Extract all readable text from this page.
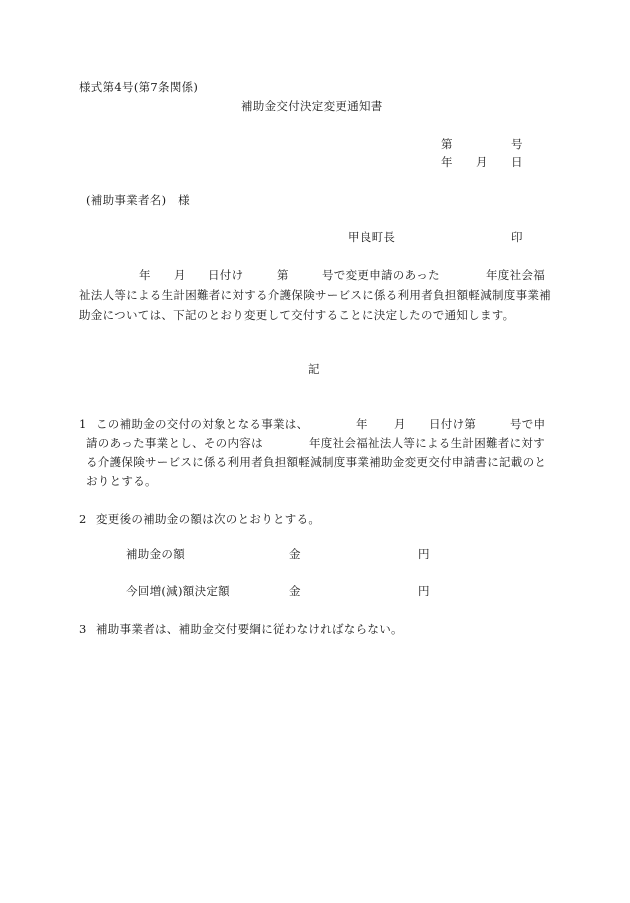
様式第4号(第7条関係)
補助金交付決定変更通知書
第	号
年 月 日
(補助事業者名)　様
甲良町長	印
年 月 日付け	第	号で変更申請のあった	年度社会福
祉法人等による生計困難者に対する介護保険サービスに係る利用者負担額軽減制度事業補
助金については、下記のとおり変更して交付することに決定したので通知します。
記
1 この補助金の交付の対象となる事業は、	年 月 日付け第	号で申
請のあった事業とし、その内容は	年度社会福祉法人等による生計困難者に対す
る介護保険サービスに係る利用者負担額軽減制度事業補助金変更交付申請書に記載のと
おりとする。
2 変更後の補助金の額は次のとおりとする。
補助金の額	金	円
今回増(減)額決定額	金	円
3 補助事業者は、補助金交付要綱に従わなければならない。
